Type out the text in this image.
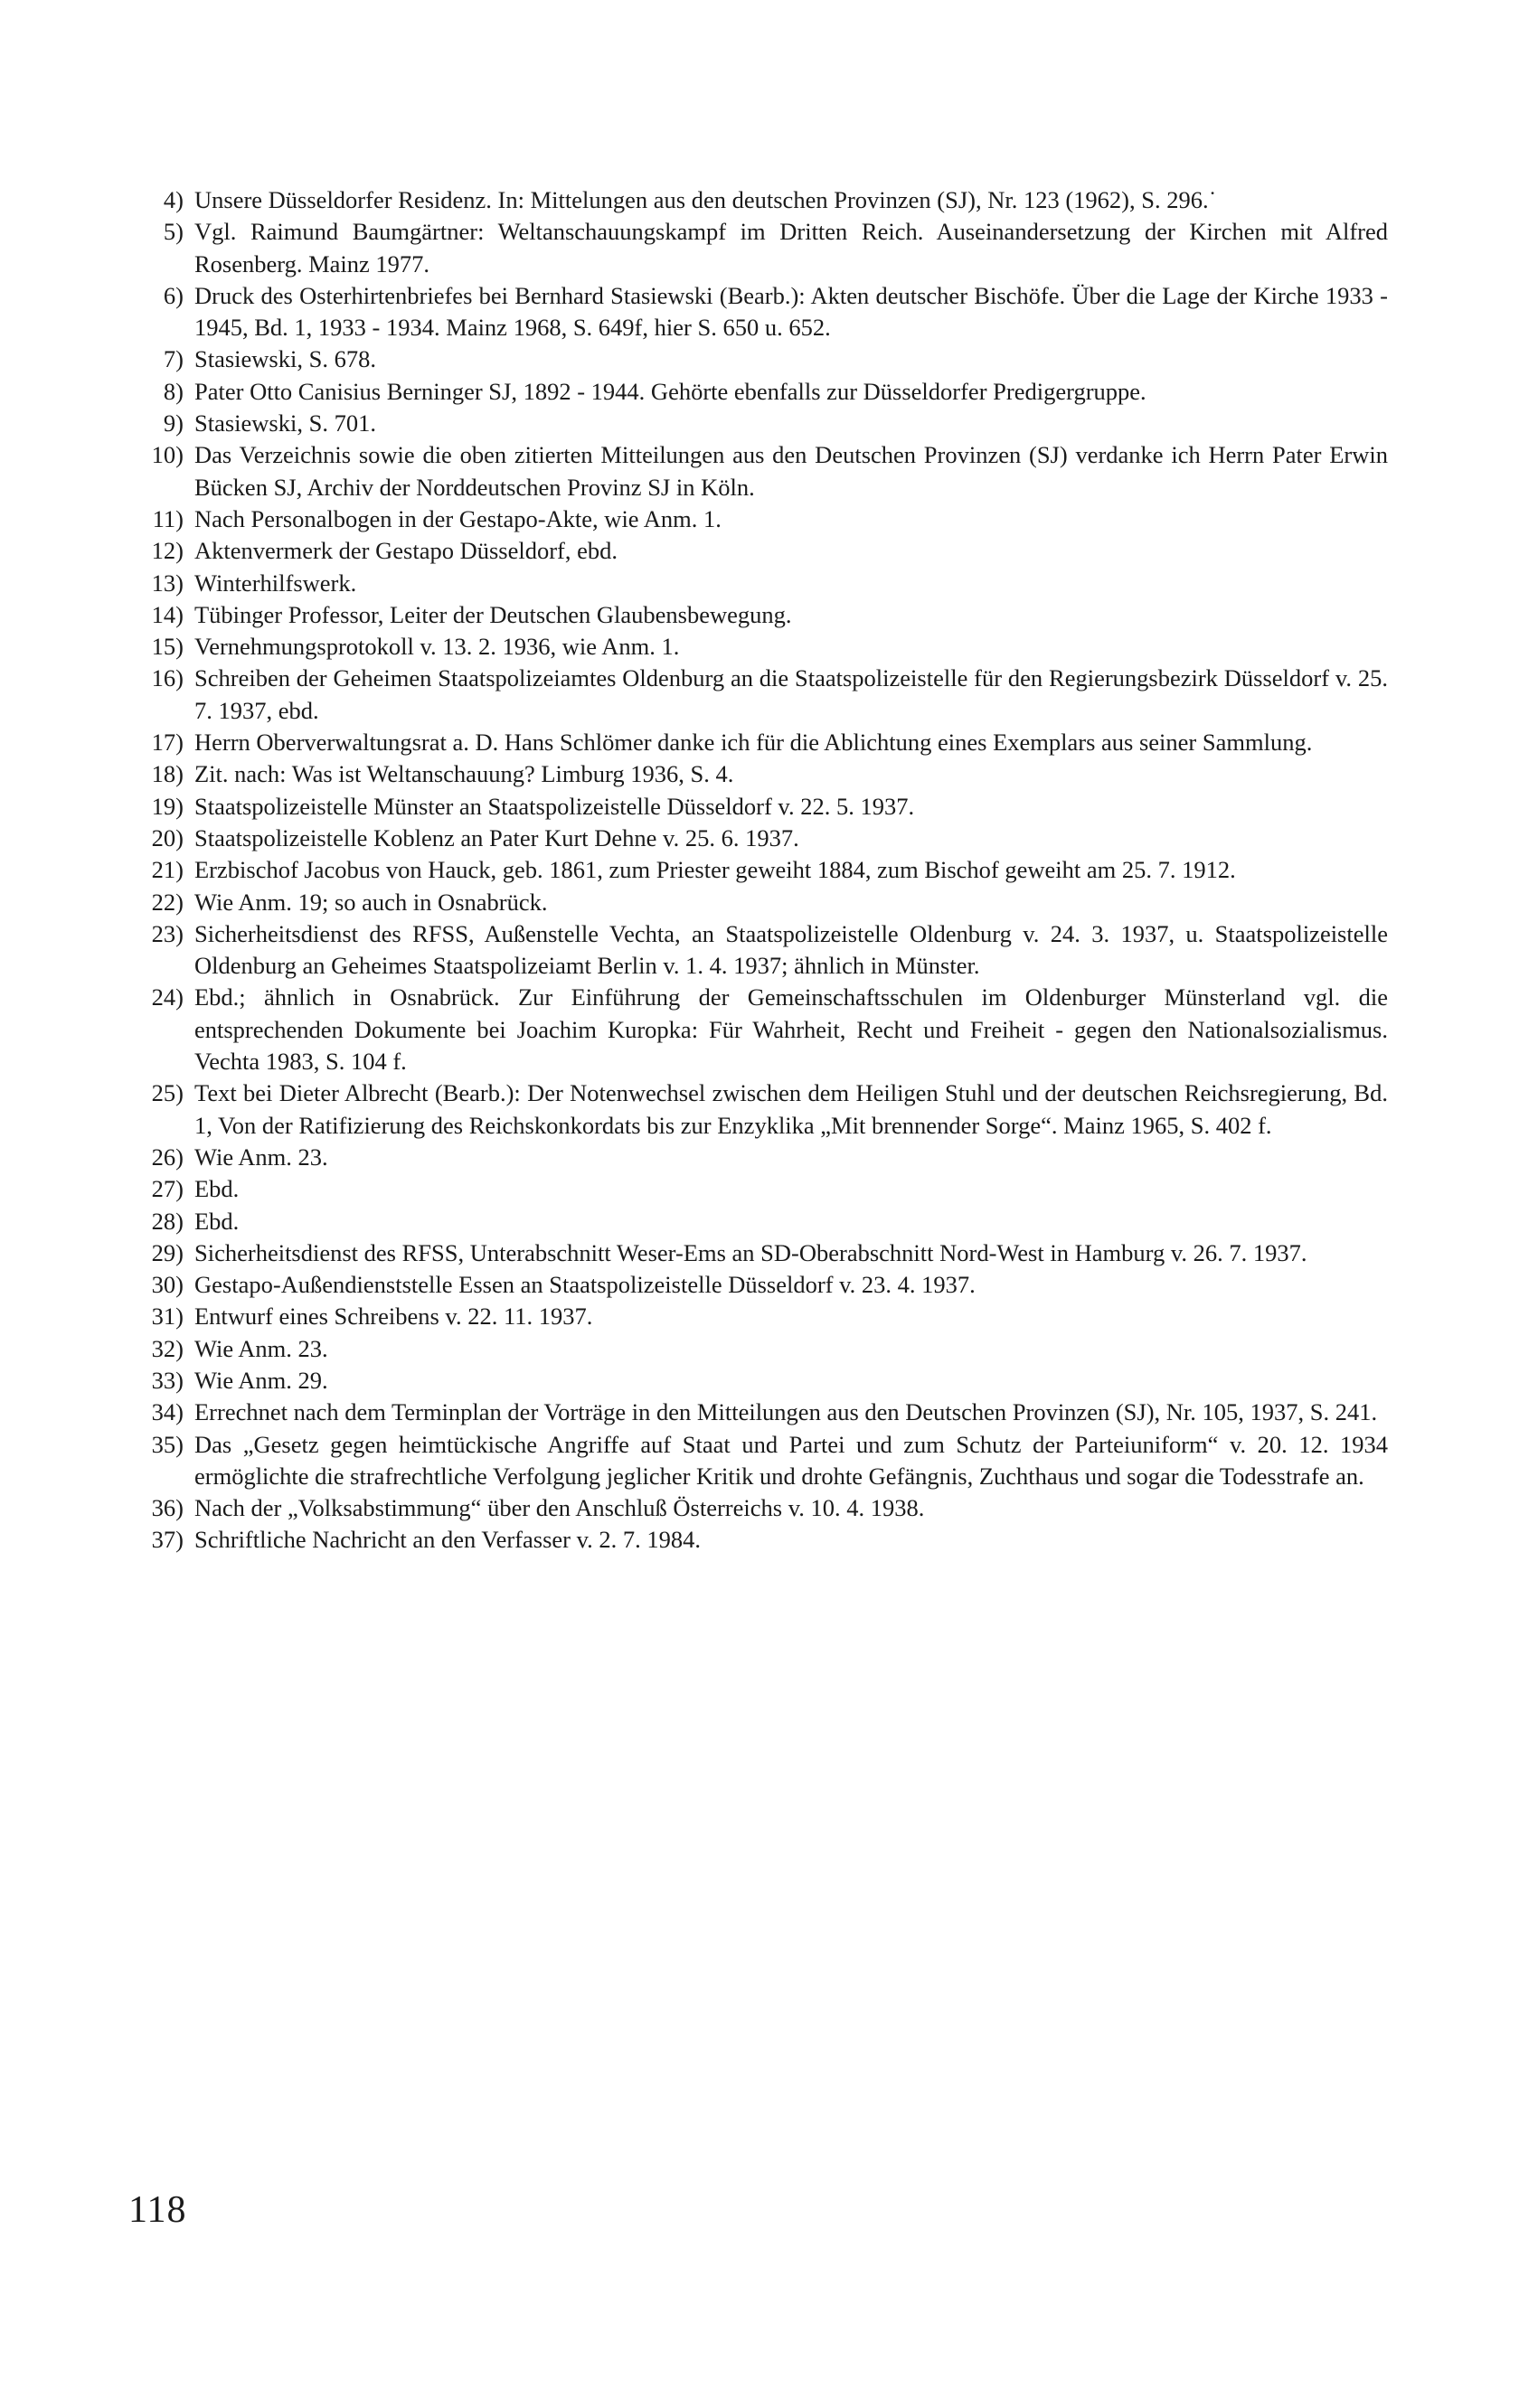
4) Unsere Düsseldorfer Residenz. In: Mittelungen aus den deutschen Provinzen (SJ), Nr. 123 (1962), S. 296.˙
5) Vgl. Raimund Baumgärtner: Weltanschauungskampf im Dritten Reich. Auseinandersetzung der Kirchen mit Alfred Rosenberg. Mainz 1977.
6) Druck des Osterhirtenbriefes bei Bernhard Stasiewski (Bearb.): Akten deutscher Bischöfe. Über die Lage der Kirche 1933 - 1945, Bd. 1, 1933 - 1934. Mainz 1968, S. 649f, hier S. 650 u. 652.
7) Stasiewski, S. 678.
8) Pater Otto Canisius Berninger SJ, 1892 - 1944. Gehörte ebenfalls zur Düsseldorfer Predigergruppe.
9) Stasiewski, S. 701.
10) Das Verzeichnis sowie die oben zitierten Mitteilungen aus den Deutschen Provinzen (SJ) verdanke ich Herrn Pater Erwin Bücken SJ, Archiv der Norddeutschen Provinz SJ in Köln.
11) Nach Personalbogen in der Gestapo-Akte, wie Anm. 1.
12) Aktenvermerk der Gestapo Düsseldorf, ebd.
13) Winterhilfswerk.
14) Tübinger Professor, Leiter der Deutschen Glaubensbewegung.
15) Vernehmungsprotokoll v. 13. 2. 1936, wie Anm. 1.
16) Schreiben der Geheimen Staatspolizeiamtes Oldenburg an die Staatspolizeistelle für den Regierungsbezirk Düsseldorf v. 25. 7. 1937, ebd.
17) Herrn Oberverwaltungsrat a. D. Hans Schlömer danke ich für die Ablichtung eines Exemplars aus seiner Sammlung.
18) Zit. nach: Was ist Weltanschauung? Limburg 1936, S. 4.
19) Staatspolizeistelle Münster an Staatspolizeistelle Düsseldorf v. 22. 5. 1937.
20) Staatspolizeistelle Koblenz an Pater Kurt Dehne v. 25. 6. 1937.
21) Erzbischof Jacobus von Hauck, geb. 1861, zum Priester geweiht 1884, zum Bischof geweiht am 25. 7. 1912.
22) Wie Anm. 19; so auch in Osnabrück.
23) Sicherheitsdienst des RFSS, Außenstelle Vechta, an Staatspolizeistelle Oldenburg v. 24. 3. 1937, u. Staatspolizeistelle Oldenburg an Geheimes Staatspolizeiamt Berlin v. 1. 4. 1937; ähnlich in Münster.
24) Ebd.; ähnlich in Osnabrück. Zur Einführung der Gemeinschaftsschulen im Oldenburger Münsterland vgl. die entsprechenden Dokumente bei Joachim Kuropka: Für Wahrheit, Recht und Freiheit - gegen den Nationalsozialismus. Vechta 1983, S. 104 f.
25) Text bei Dieter Albrecht (Bearb.): Der Notenwechsel zwischen dem Heiligen Stuhl und der deutschen Reichsregierung, Bd. 1, Von der Ratifizierung des Reichskonkordats bis zur Enzyklika „Mit brennender Sorge“. Mainz 1965, S. 402 f.
26) Wie Anm. 23.
27) Ebd.
28) Ebd.
29) Sicherheitsdienst des RFSS, Unterabschnitt Weser-Ems an SD-Oberabschnitt Nord-West in Hamburg v. 26. 7. 1937.
30) Gestapo-Außendienststelle Essen an Staatspolizeistelle Düsseldorf v. 23. 4. 1937.
31) Entwurf eines Schreibens v. 22. 11. 1937.
32) Wie Anm. 23.
33) Wie Anm. 29.
34) Errechnet nach dem Terminplan der Vorträge in den Mitteilungen aus den Deutschen Provinzen (SJ), Nr. 105, 1937, S. 241.
35) Das „Gesetz gegen heimtückische Angriffe auf Staat und Partei und zum Schutz der Parteiuniform“ v. 20. 12. 1934 ermöglichte die strafrechtliche Verfolgung jeglicher Kritik und drohte Gefängnis, Zuchthaus und sogar die Todesstrafe an.
36) Nach der „Volksabstimmung“ über den Anschluß Österreichs v. 10. 4. 1938.
37) Schriftliche Nachricht an den Verfasser v. 2. 7. 1984.
118
